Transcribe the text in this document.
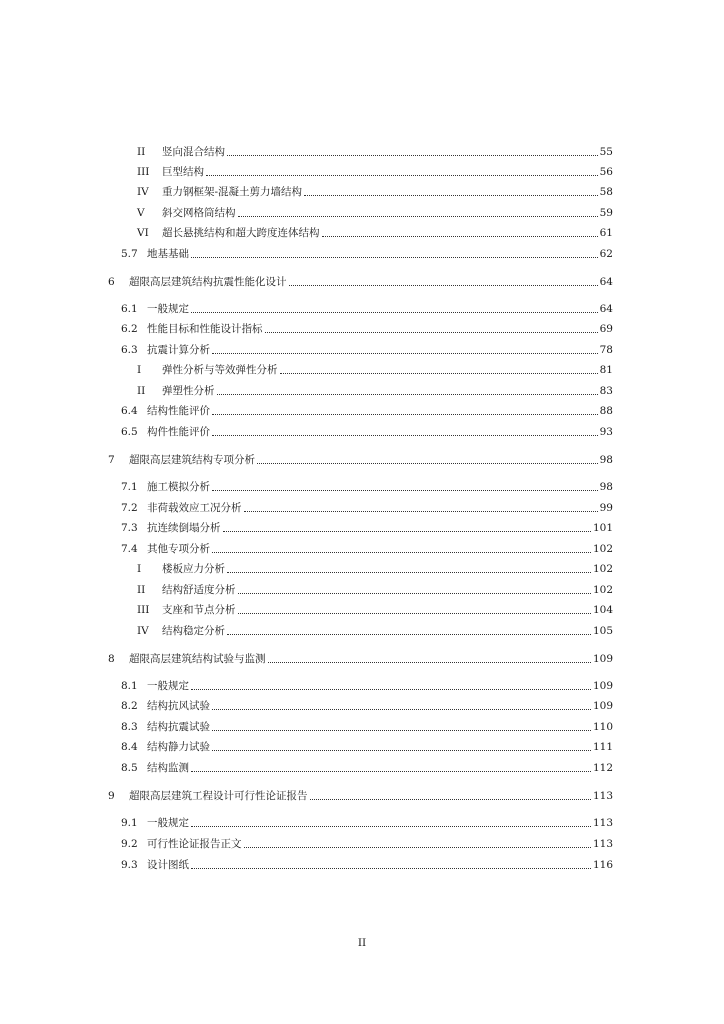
II	竖向混合结构	55
III	巨型结构	56
IV	重力钢框架-混凝土剪力墙结构	58
V	斜交网格筒结构	59
VI	超长悬挑结构和超大跨度连体结构	61
5.7 地基基础	62
6	超限高层建筑结构抗震性能化设计	64
6.1 一般规定	64
6.2 性能目标和性能设计指标	69
6.3 抗震计算分析	78
I	弹性分析与等效弹性分析	81
II	弹塑性分析	83
6.4 结构性能评价	88
6.5 构件性能评价	93
7	超限高层建筑结构专项分析	98
7.1 施工模拟分析	98
7.2 非荷载效应工况分析	99
7.3 抗连续倒塌分析	101
7.4 其他专项分析	102
I	楼板应力分析	102
II	结构舒适度分析	102
III	支座和节点分析	104
IV	结构稳定分析	105
8	超限高层建筑结构试验与监测	109
8.1 一般规定	109
8.2 结构抗风试验	109
8.3 结构抗震试验	110
8.4 结构静力试验	111
8.5 结构监测	112
9	超限高层建筑工程设计可行性论证报告	113
9.1 一般规定	113
9.2 可行性论证报告正文	113
9.3 设计图纸	116
II
